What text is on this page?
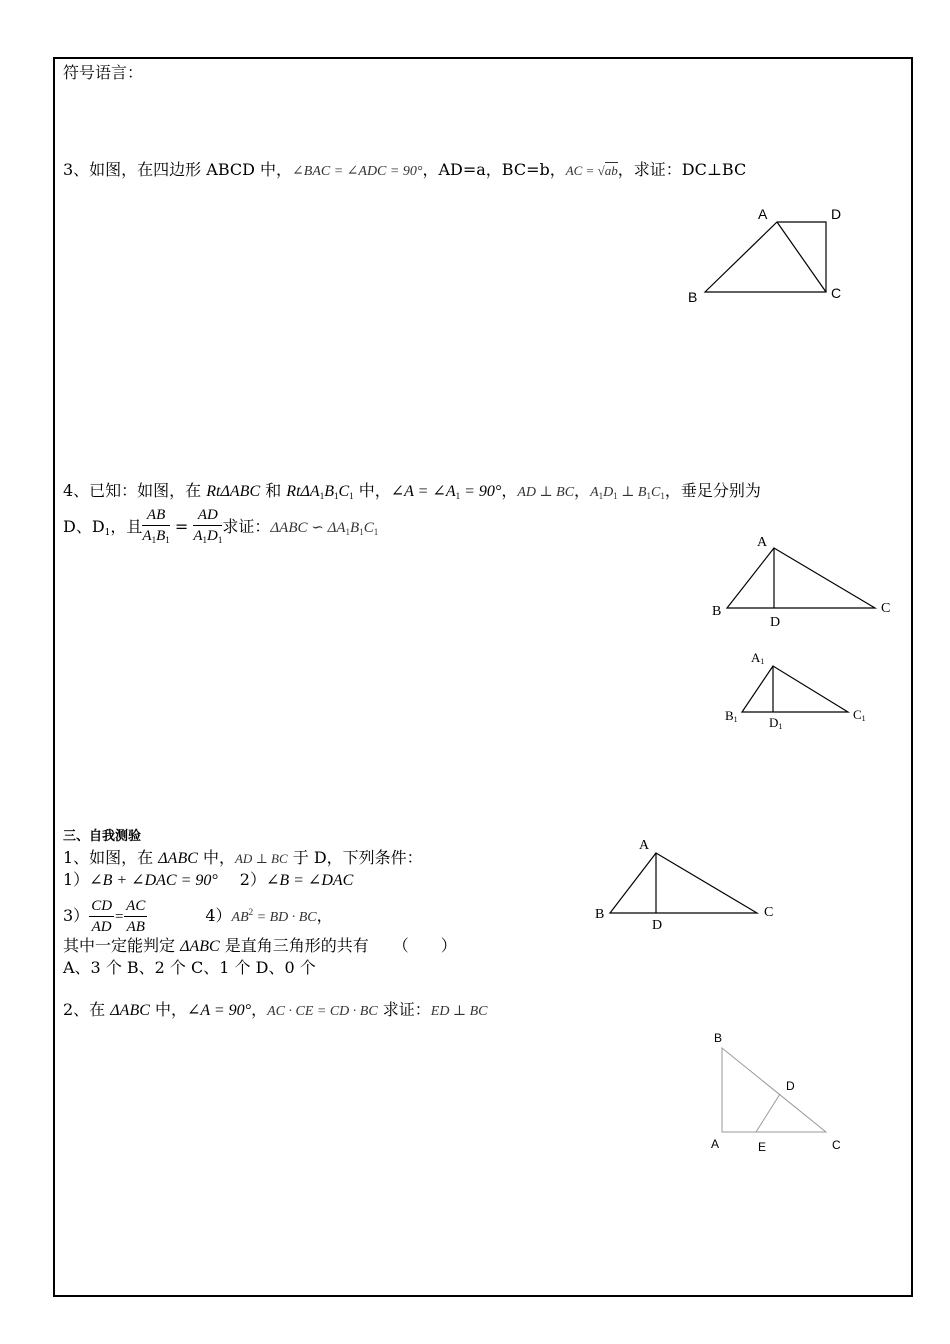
符号语言：
3、如图，在四边形 ABCD 中，∠BAC = ∠ADC = 90°，AD=a，BC=b，AC = √ab，求证：DC⊥BC
A	D
B	C
A
B	C
D
A1
B1	C1
D1
A
B	C
D
B
D
A	E	C
4、已知：如图，在 RtΔABC 和 $Rt\Delta A_1B_1C_1$ 中，∠A = $\angle A_1 = 90^\circ$，AD ⊥ BC，$A_1D_1$ ⊥ $B_1C_1$，垂足分别为
D、$D_1$，且 $\frac{AB}{A_1B_1} = \frac{AD}{A_1D_1}$ 求证：ΔABC ∽ $\Delta A_1B_1C_1$
三、自我测验
1、如图，在 ΔABC 中，AD ⊥ BC 于 D，下列条件：
1）∠B + ∠DAC = 90° 2）∠B = ∠DAC
$3) \frac{CD}{AD} = \frac{AC}{AB}$	$4)AB^2$ = BD · BC，
其中一定能判定 ΔABC 是直角三角形的共有　　（　　）
A、3 个 B、2 个 C、1 个 D、0 个
2、在 ΔABC 中，∠A = 90°，AC · CE = CD · BC 求证：ED ⊥ BC
